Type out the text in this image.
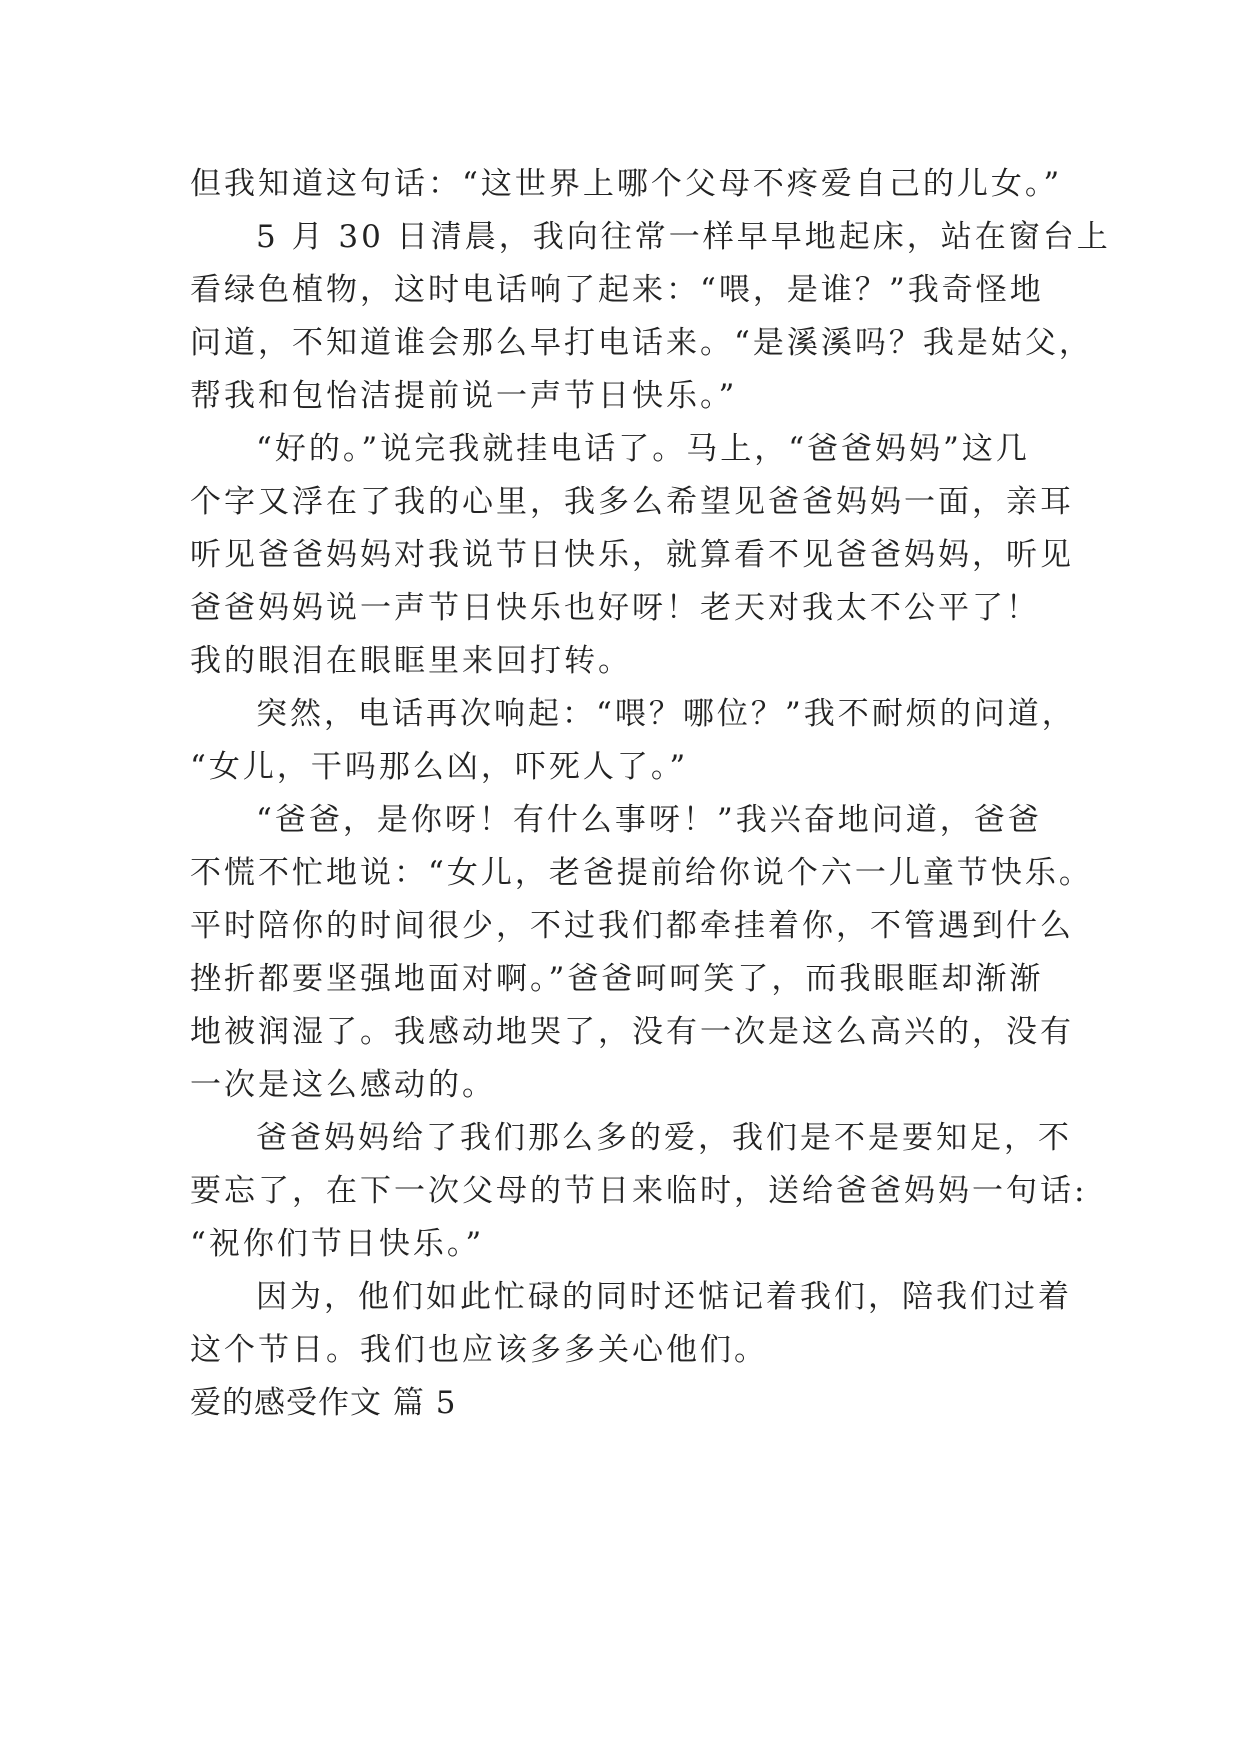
但我知道这句话：“这世界上哪个父母不疼爱自己的儿女。”
5 月 30 日清晨，我向往常一样早早地起床，站在窗台上
看绿色植物，这时电话响了起来：“喂，是谁？”我奇怪地
问道，不知道谁会那么早打电话来。“是溪溪吗？我是姑父，
帮我和包怡洁提前说一声节日快乐。”
“好的。”说完我就挂电话了。马上，“爸爸妈妈”这几
个字又浮在了我的心里，我多么希望见爸爸妈妈一面，亲耳
听见爸爸妈妈对我说节日快乐，就算看不见爸爸妈妈，听见
爸爸妈妈说一声节日快乐也好呀！老天对我太不公平了！
我的眼泪在眼眶里来回打转。
突然，电话再次响起：“喂？哪位？”我不耐烦的问道，
“女儿，干吗那么凶，吓死人了。”
“爸爸，是你呀！有什么事呀！”我兴奋地问道，爸爸
不慌不忙地说：“女儿，老爸提前给你说个六一儿童节快乐。
平时陪你的时间很少，不过我们都牵挂着你，不管遇到什么
挫折都要坚强地面对啊。”爸爸呵呵笑了，而我眼眶却渐渐
地被润湿了。我感动地哭了，没有一次是这么高兴的，没有
一次是这么感动的。
爸爸妈妈给了我们那么多的爱，我们是不是要知足，不
要忘了，在下一次父母的节日来临时，送给爸爸妈妈一句话:
“祝你们节日快乐。”
因为，他们如此忙碌的同时还惦记着我们，陪我们过着
这个节日。我们也应该多多关心他们。
爱的感受作文 篇 5
